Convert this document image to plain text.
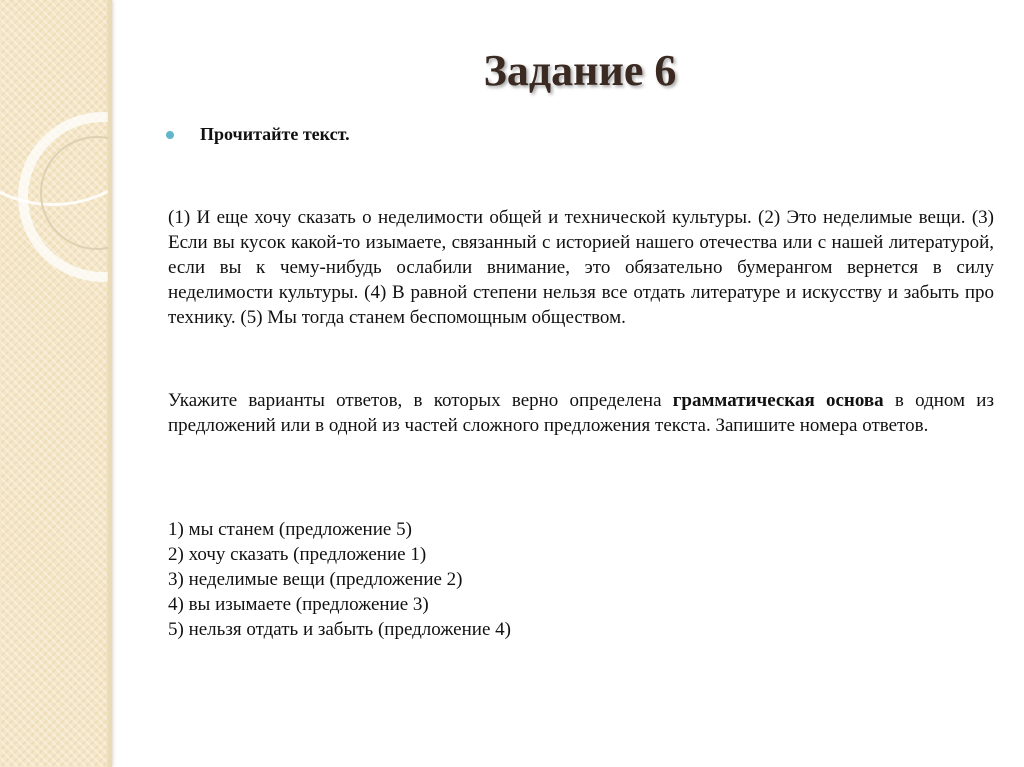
Задание 6
Прочитайте текст.

(1) И еще хочу сказать о неделимости общей и технической культуры. (2) Это неделимые вещи. (3) Если вы кусок какой-то изымаете, связанный с историей нашего отечества или с нашей литературой, если вы к чему-нибудь ослабили внимание, это обязательно бумерангом вернется в силу неделимости культуры. (4) В равной степени нельзя все отдать литературе и искусству и забыть про технику. (5) Мы тогда станем беспомощным обществом.

Укажите варианты ответов, в которых верно определена грамматическая основа в одном из предложений или в одной из частей сложного предложения текста. Запишите номера ответов.

1) мы станем (предложение 5)
2) хочу сказать (предложение 1)
3) неделимые вещи (предложение 2)
4) вы изымаете (предложение 3)
5) нельзя отдать и забыть (предложение 4)
